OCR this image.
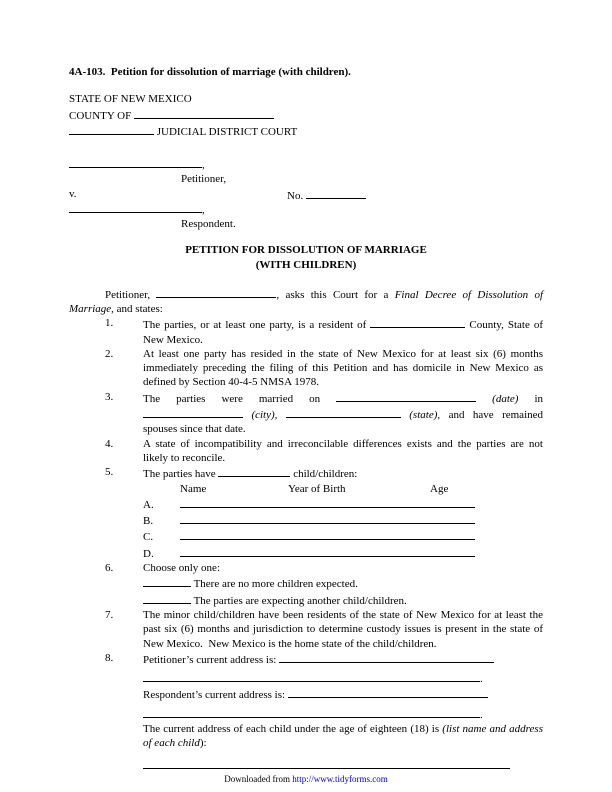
4A-103.  Petition for dissolution of marriage (with children).
STATE OF NEW MEXICO
COUNTY OF
JUDICIAL DISTRICT COURT
,
Petitioner,
v.	No.
,
Respondent.
PETITION FOR DISSOLUTION OF MARRIAGE
(WITH CHILDREN)

Petitioner,	, asks this Court for a Final Decree of Dissolution of Marriage, and states:

1.	The parties, or at least one party, is a resident of	County, State of New Mexico.
2.	At least one party has resided in the state of New Mexico for at least six (6) months immediately preceding the filing of this Petition and has domicile in New Mexico as defined by Section 40-4-5 NMSA 1978.
3.	The parties were married on	(date) in  (city),	(state), and have remained spouses since that date.
4.	A state of incompatibility and irreconcilable differences exists and the parties are not likely to reconcile.
5.	The parties have	child/children:
Name	Year of Birth	Age
A.
B.
C.
D.
6.	Choose only one:
There are no more children expected.
The parties are expecting another child/children.
7.	The minor child/children have been residents of the state of New Mexico for at least the past six (6) months and jurisdiction to determine custody issues is present in the state of New Mexico.  New Mexico is the home state of the child/children.
8.	Petitioner’s current address is:
.
Respondent’s current address is:
.
The current address of each child under the age of eighteen (18) is (list name and address of each child):
Downloaded from http://www.tidyforms.com
